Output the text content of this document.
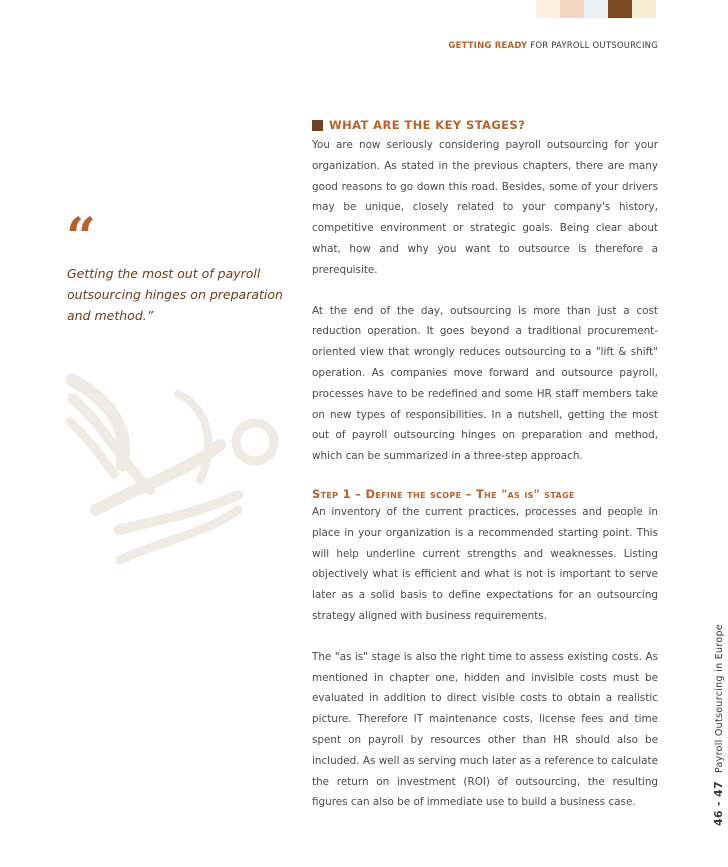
GETTING READY FOR PAYROLL OUTSOURCING
“

Getting the most out of payroll outsourcing hinges on preparation and method.”

WHAT ARE THE KEY STAGES?

You are now seriously considering payroll outsourcing for your organization. As stated in the previous chapters, there are many good reasons to go down this road. Besides, some of your drivers may be unique, closely related to your company's history, competitive environment or strategic goals. Being clear about what, how and why you want to outsource is therefore a prerequisite.

At the end of the day, outsourcing is more than just a cost reduction operation. It goes beyond a traditional procurement-oriented view that wrongly reduces outsourcing to a "lift & shift" operation. As companies move forward and outsource payroll, processes have to be redefined and some HR staff members take on new types of responsibilities. In a nutshell, getting the most out of payroll outsourcing hinges on preparation and method, which can be summarized in a three-step approach.

Step 1 – Define the scope – The "as is" stage

An inventory of the current practices, processes and people in place in your organization is a recommended starting point. This will help underline current strengths and weaknesses. Listing objectively what is efficient and what is not is important to serve later as a solid basis to define expectations for an outsourcing strategy aligned with business requirements.

The "as is" stage is also the right time to assess existing costs. As mentioned in chapter one, hidden and invisible costs must be evaluated in addition to direct visible costs to obtain a realistic picture. Therefore IT maintenance costs, license fees and time spent on payroll by resources other than HR should also be included. As well as serving much later as a reference to calculate the return on investment (ROI) of outsourcing, the resulting figures can also be of immediate use to build a business case.	46 - 47Payroll Outsourcing in Europe
